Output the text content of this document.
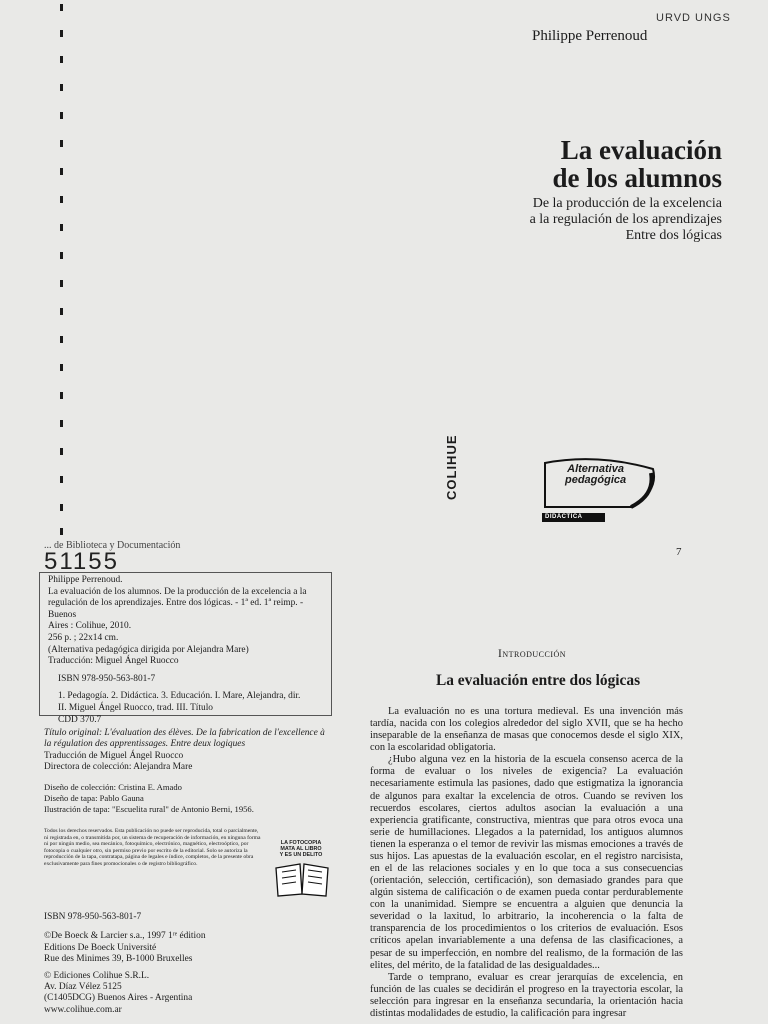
URVD UNGS
Philippe Perrenoud
La evaluación
de los alumnos
De la producción de la excelencia
a la regulación de los aprendizajes
Entre dos lógicas
COLIHUE	Alternativa
pedagógica
DIDÁCTICA
7
... de Biblioteca y Documentación
51155

Philippe Perrenoud.

La evaluación de los alumnos. De la producción de la excelencia a la

regulación de los aprendizajes. Entre dos lógicas. - 1ª ed. 1ª reimp. - Buenos

Aires : Colihue, 2010.

256 p. ; 22x14 cm.

(Alternativa pedagógica dirigida por Alejandra Mare)

Traducción: Miguel Ángel Ruocco

ISBN 978-950-563-801-7

1. Pedagogía. 2. Didáctica. 3. Educación. I. Mare, Alejandra, dir.

II. Miguel Ángel Ruocco, trad. III. Título

CDD 370.7

Título original: L'évaluation des élèves. De la fabrication de l'excellence à la régulation des apprentissages. Entre deux logiques

Traducción de Miguel Ángel Ruocco

Directora de colección: Alejandra Mare

Diseño de colección: Cristina E. Amado

Diseño de tapa: Pablo Gauna

Ilustración de tapa: "Escuelita rural" de Antonio Berni, 1956.

Todos los derechos reservados. Esta publicación no puede ser reproducida, total o parcialmente, ni registrada en, o transmitida por, un sistema de recuperación de información, en ninguna forma ni por ningún medio, sea mecánico, fotoquímico, electrónico, magnético, electroóptico, por fotocopia o cualquier otro, sin permiso previo por escrito de la editorial. Solo se autoriza la reproducción de la tapa, contratapa, página de legales e índice, completos, de la presente obra exclusivamente para fines promocionales o de registro bibliográfico.
LA FOTOCOPIA
MATA AL LIBRO
Y ES UN DELITO

ISBN 978-950-563-801-7

©De Boeck & Larcier s.a., 1997 1ʳᵉ édition

Editions De Boeck Université

Rue des Minimes 39, B-1000 Bruxelles

© Ediciones Colihue S.R.L.

Av. Díaz Vélez 5125

(C1405DCG) Buenos Aires - Argentina

www.colihue.com.ar

Introducción
La evaluación entre dos lógicas

La evaluación no es una tortura medieval. Es una invención más tardía, nacida con los colegios alrededor del siglo XVII, que se ha hecho inseparable de la enseñanza de masas que conocemos desde el siglo XIX, con la escolaridad obligatoria.

¿Hubo alguna vez en la historia de la escuela consenso acerca de la forma de evaluar o los niveles de exigencia? La evaluación necesariamente estimula las pasiones, dado que estigmatiza la ignorancia de algunos para exaltar la excelencia de otros. Cuando se reviven los recuerdos escolares, ciertos adultos asocian la evaluación a una experiencia gratificante, constructiva, mientras que para otros evoca una serie de humillaciones. Llegados a la paternidad, los antiguos alumnos tienen la esperanza o el temor de revivir las mismas emociones a través de sus hijos. Las apuestas de la evaluación escolar, en el registro narcisista, en el de las relaciones sociales y en lo que toca a sus consecuencias (orientación, selección, certificación), son demasiado grandes para que algún sistema de calificación o de examen pueda contar perdurablemente con la unanimidad. Siempre se encuentra a alguien que denuncia la severidad o la laxitud, lo arbitrario, la incoherencia o la falta de transparencia de los procedimientos o los criterios de evaluación. Esos críticos apelan invariablemente a una defensa de las clasificaciones, a pesar de su imperfección, en nombre del realismo, de la formación de las elites, del mérito, de la fatalidad de las desigualdades...

Tarde o temprano, evaluar es crear jerarquías de excelencia, en función de las cuales se decidirán el progreso en la trayectoria escolar, la selección para ingresar en la enseñanza secundaria, la orientación hacia distintas modalidades de estudio, la calificación para ingresar
